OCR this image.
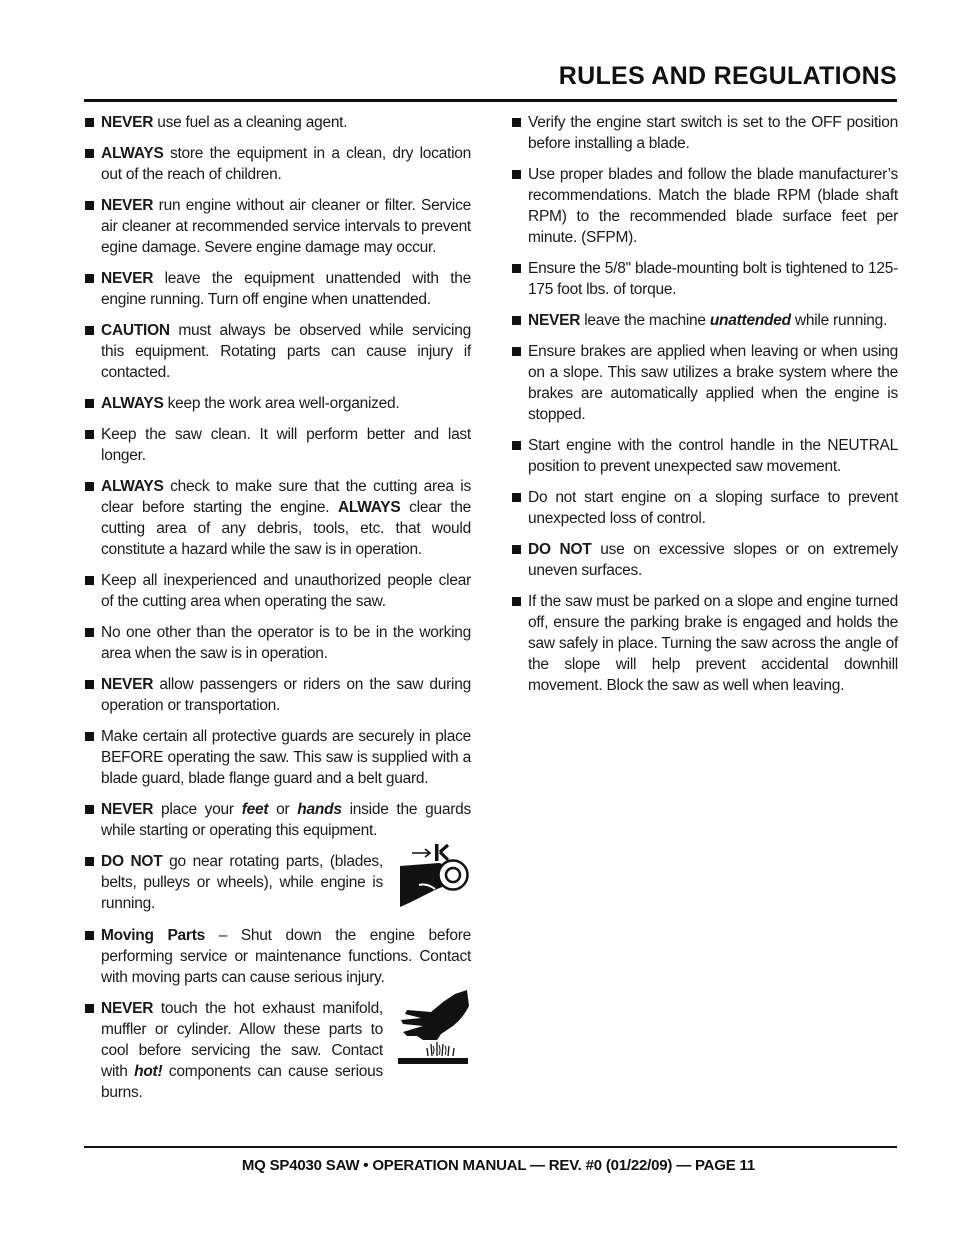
RULES AND REGULATIONS
NEVER use fuel as a cleaning agent.
ALWAYS store the equipment in a clean, dry location out of the reach of children.
NEVER run engine without air cleaner or filter. Service air cleaner at recommended service intervals to prevent egine damage. Severe engine damage may occur.
NEVER leave the equipment unattended with the engine running. Turn off engine when unattended.
CAUTION must always be observed while servicing this equipment. Rotating parts can cause injury if contacted.
ALWAYS keep the work area well-organized.
Keep the saw clean. It will perform better and last longer.
ALWAYS check to make sure that the cutting area is clear before starting the engine. ALWAYS clear the cutting area of any debris, tools, etc. that would constitute a hazard while the saw is in operation.
Keep all inexperienced and unauthorized people clear of the cutting area when operating the saw.
No one other than the operator is to be in the working area when the saw is in operation.
NEVER allow passengers or riders on the saw during operation or transportation.
Make certain all protective guards are securely in place BEFORE operating the saw. This saw is supplied with a blade guard, blade flange guard and a belt guard.
NEVER place your feet or hands inside the guards while starting or operating this equipment.
DO NOT go near rotating parts, (blades, belts, pulleys or wheels), while engine is running.
Moving Parts – Shut down the engine before performing service or maintenance functions. Contact with moving parts can cause serious injury.
NEVER touch the hot exhaust manifold, muffler or cylinder. Allow these parts to cool before servicing the saw. Contact with hot! components can cause serious burns.
Verify the engine start switch is set to the OFF position before installing a blade.
Use proper blades and follow the blade manufacturer’s recommendations. Match the blade RPM (blade shaft RPM) to the recommended blade surface feet per minute. (SFPM).
Ensure the 5/8" blade-mounting bolt is tightened to 125-175 foot lbs. of torque.
NEVER leave the machine unattended while running.
Ensure brakes are applied when leaving or when using on a slope. This saw utilizes a brake system where the brakes are automatically applied when the engine is stopped.
Start engine with the control handle in the NEUTRAL position to prevent unexpected saw movement.
Do not start engine on a sloping surface to prevent unexpected loss of control.
DO NOT use on excessive slopes or on extremely uneven surfaces.
If the saw must be parked on a slope and engine turned off, ensure the parking brake is engaged and holds the saw safely in place. Turning the saw across the angle of the slope will help prevent accidental downhill movement. Block the saw as well when leaving.
MQ SP4030 SAW • OPERATION MANUAL — REV. #0 (01/22/09) — PAGE 11
